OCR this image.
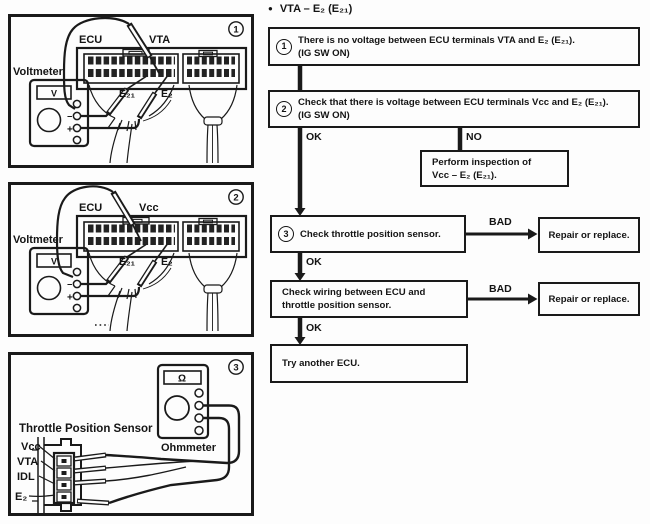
● VTA – E₂ (E₂₁)
1
There is no voltage between ECU terminals VTA and E₂ (E₂₁).
(IG SW ON)
2
Check that there is voltage between ECU terminals Vcc and E₂ (E₂₁).
(IG SW ON)
OK	NO
Perform inspection of
Vcc – E₂ (E₂₁).
3	Check throttle position sensor.
BAD
Repair or replace.
OK
Check wiring between ECU and
throttle position sensor.
BAD
Repair or replace.
OK
Try another ECU.
1
ECU	VTA
Voltmeter
V
−
+
E₂₁ E₂
2
ECU	Vcc
Voltmeter
V
−
+
E₂₁ E₂
3
Throttle Position Sensor
Ohmmeter
Ω
Vcc
VTA
IDL
E₂
